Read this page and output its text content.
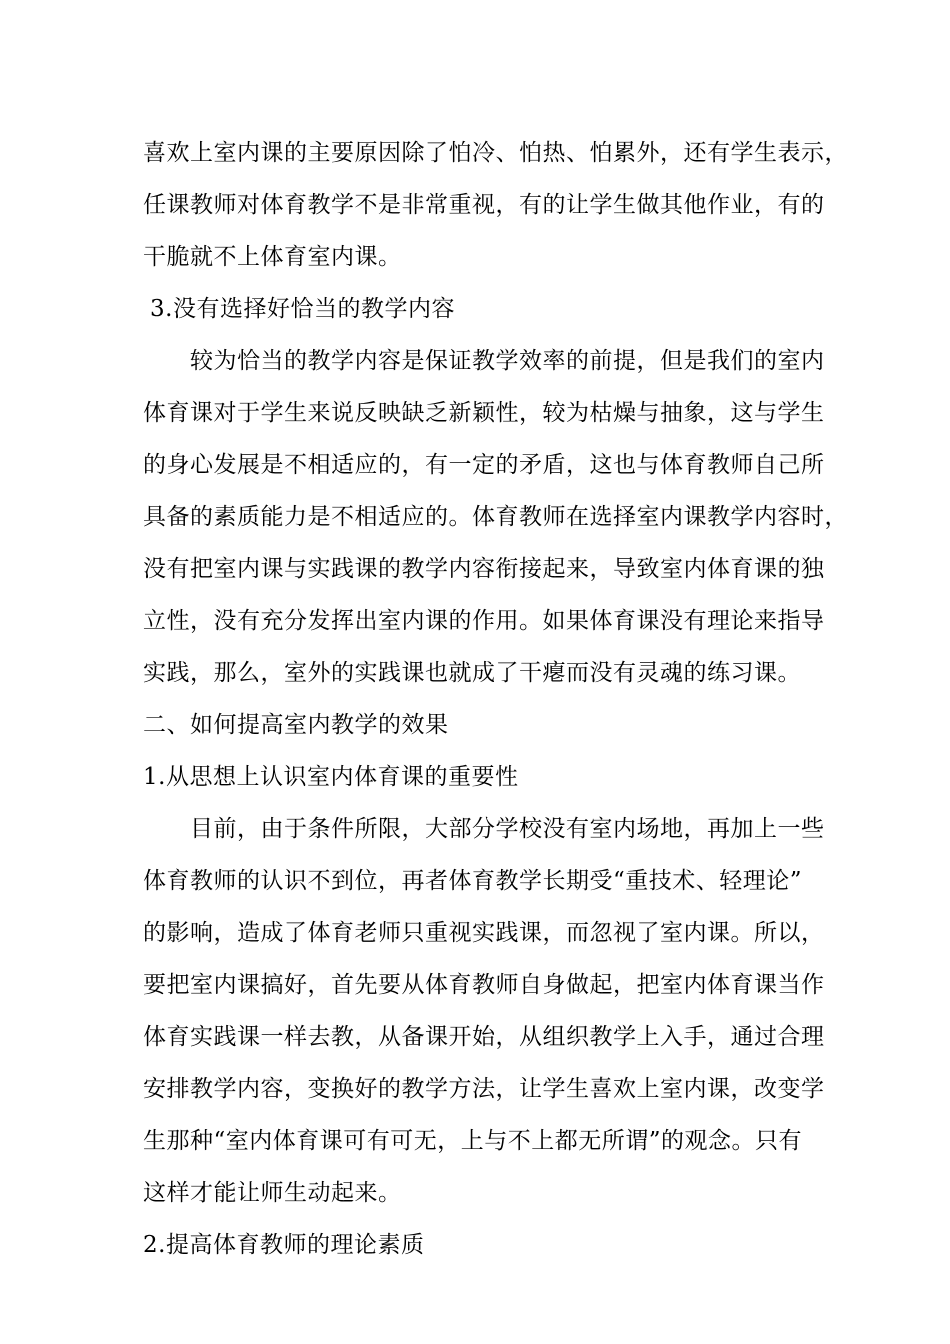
喜欢上室内课的主要原因除了怕冷、怕热、怕累外，还有学生表示，
任课教师对体育教学不是非常重视，有的让学生做其他作业，有的
干脆就不上体育室内课。
3.没有选择好恰当的教学内容
较为恰当的教学内容是保证教学效率的前提，但是我们的室内
体育课对于学生来说反映缺乏新颖性，较为枯燥与抽象，这与学生
的身心发展是不相适应的，有一定的矛盾，这也与体育教师自己所
具备的素质能力是不相适应的。体育教师在选择室内课教学内容时，
没有把室内课与实践课的教学内容衔接起来，导致室内体育课的独
立性，没有充分发挥出室内课的作用。如果体育课没有理论来指导
实践，那么，室外的实践课也就成了干瘪而没有灵魂的练习课。
二、如何提高室内教学的效果
1.从思想上认识室内体育课的重要性
目前，由于条件所限，大部分学校没有室内场地，再加上一些
体育教师的认识不到位，再者体育教学长期受“重技术、轻理论”
的影响，造成了体育老师只重视实践课，而忽视了室内课。所以，
要把室内课搞好，首先要从体育教师自身做起，把室内体育课当作
体育实践课一样去教，从备课开始，从组织教学上入手，通过合理
安排教学内容，变换好的教学方法，让学生喜欢上室内课，改变学
生那种“室内体育课可有可无，上与不上都无所谓”的观念。只有
这样才能让师生动起来。
2.提高体育教师的理论素质
